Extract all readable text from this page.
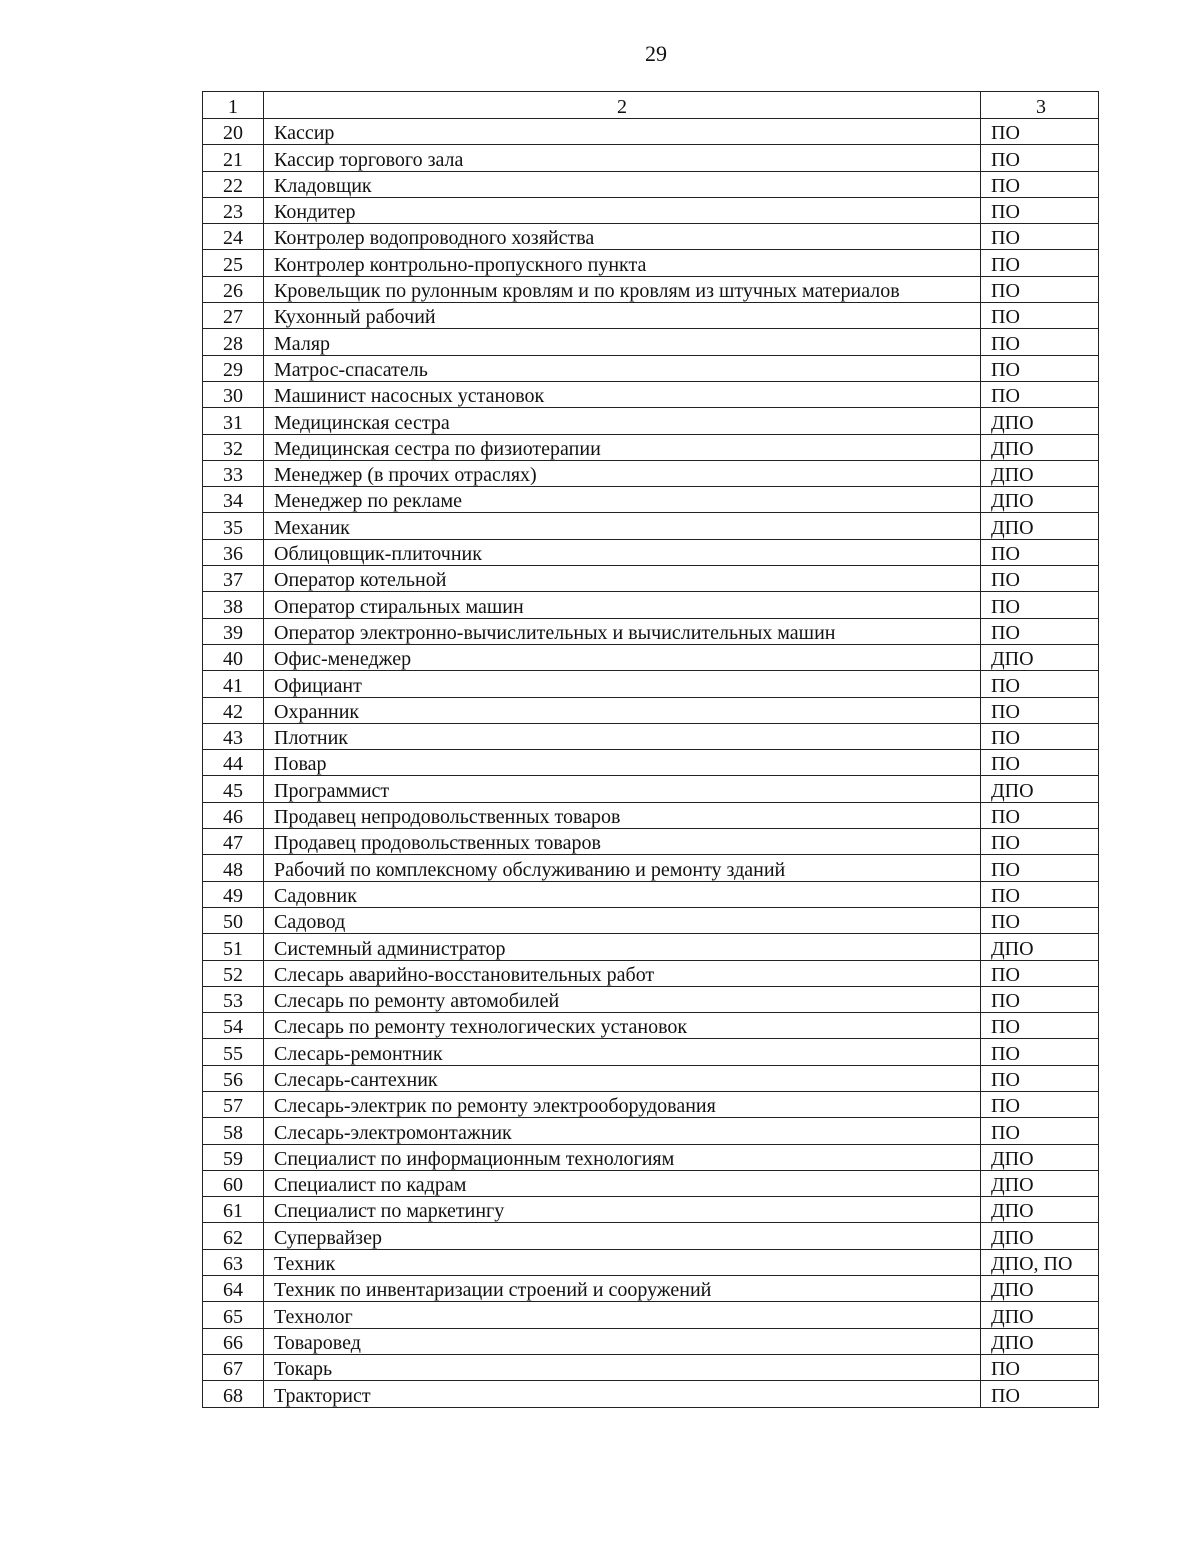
29
1	2	3
20	Кассир	ПО
21	Кассир торгового зала	ПО
22	Кладовщик	ПО
23	Кондитер	ПО
24	Контролер водопроводного хозяйства	ПО
25	Контролер контрольно-пропускного пункта	ПО
26	Кровельщик по рулонным кровлям и по кровлям из штучных материалов	ПО
27	Кухонный рабочий	ПО
28	Маляр	ПО
29	Матрос-спасатель	ПО
30	Машинист насосных установок	ПО
31	Медицинская сестра	ДПО
32	Медицинская сестра по физиотерапии	ДПО
33	Менеджер (в прочих отраслях)	ДПО
34	Менеджер по рекламе	ДПО
35	Механик	ДПО
36	Облицовщик-плиточник	ПО
37	Оператор котельной	ПО
38	Оператор стиральных машин	ПО
39	Оператор электронно-вычислительных и вычислительных машин	ПО
40	Офис-менеджер	ДПО
41	Официант	ПО
42	Охранник	ПО
43	Плотник	ПО
44	Повар	ПО
45	Программист	ДПО
46	Продавец непродовольственных товаров	ПО
47	Продавец продовольственных товаров	ПО
48	Рабочий по комплексному обслуживанию и ремонту зданий	ПО
49	Садовник	ПО
50	Садовод	ПО
51	Системный администратор	ДПО
52	Слесарь аварийно-восстановительных работ	ПО
53	Слесарь по ремонту автомобилей	ПО
54	Слесарь по ремонту технологических установок	ПО
55	Слесарь-ремонтник	ПО
56	Слесарь-сантехник	ПО
57	Слесарь-электрик по ремонту электрооборудования	ПО
58	Слесарь-электромонтажник	ПО
59	Специалист по информационным технологиям	ДПО
60	Специалист по кадрам	ДПО
61	Специалист по маркетингу	ДПО
62	Супервайзер	ДПО
63	Техник	ДПО, ПО
64	Техник по инвентаризации строений и сооружений	ДПО
65	Технолог	ДПО
66	Товаровед	ДПО
67	Токарь	ПО
68	Тракторист	ПО
